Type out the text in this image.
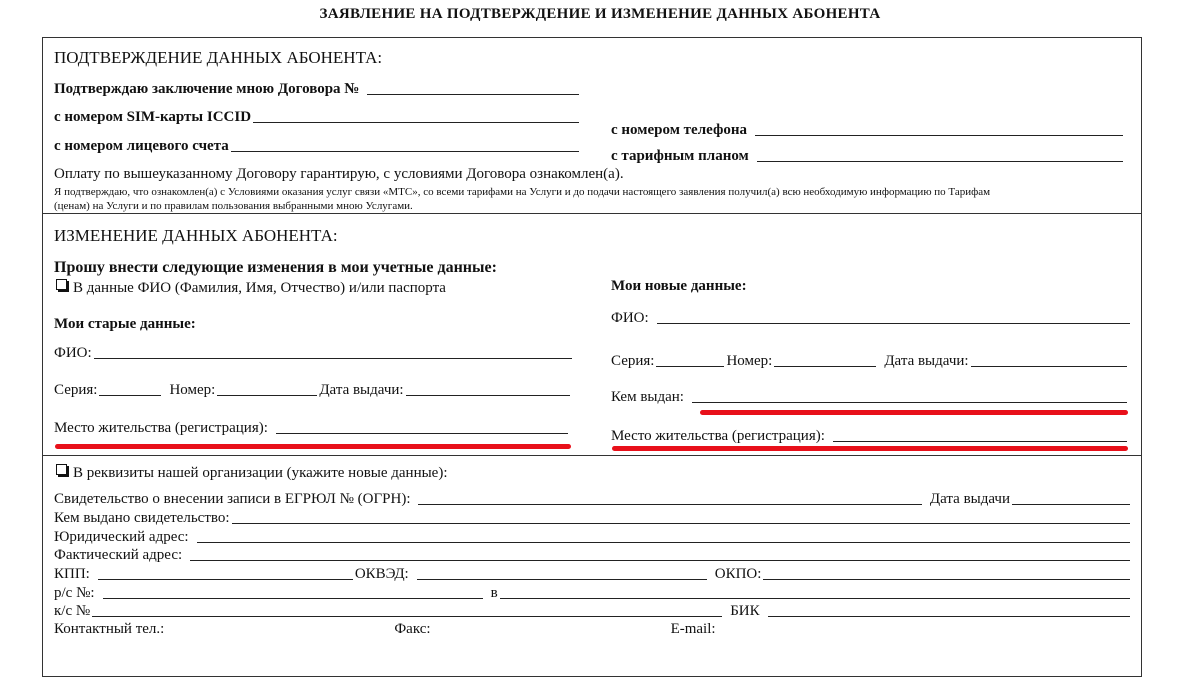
ЗАЯВЛЕНИЕ НА ПОДТВЕРЖДЕНИЕ И ИЗМЕНЕНИЕ ДАННЫХ АБОНЕНТА
ПОДТВЕРЖДЕНИЕ ДАННЫХ АБОНЕНТА:
Подтверждаю заключение мною Договора №
с номером SIM-карты ICCID
с номером лицевого счета
с номером телефона
с тарифным планом
Оплату по вышеуказанному Договору гарантирую, с условиями Договора ознакомлен(а).
Я подтверждаю, что ознакомлен(а) с Условиями оказания услуг связи «МТС», со всеми тарифами на Услуги и до подачи настоящего заявления получил(а) всю необходимую информацию по Тарифам
(ценам) на Услуги и по правилам пользования выбранными мною Услугами.
ИЗМЕНЕНИЕ ДАННЫХ АБОНЕНТА:
Прошу внести следующие изменения в мои учетные данные:
В данные ФИО (Фамилия, Имя, Отчество) и/или паспорта
Мои старые данные:
ФИО:
Серия:	Номер:	Дата выдачи:
Место жительства (регистрация):
Мои новые данные:
ФИО:
Серия:	Номер:	Дата выдачи:
Кем выдан:
Место жительства (регистрация):
В реквизиты нашей организации (укажите новые данные):
Свидетельство о внесении записи в ЕГРЮЛ № (ОГРН):	Дата выдачи
Кем выдано свидетельство:
Юридический адрес:
Фактический адрес:
КПП:	ОКВЭД:	ОКПО:
р/с №:	в
к/с №	БИК
Контактный тел.:	Факс:	E-mail:
